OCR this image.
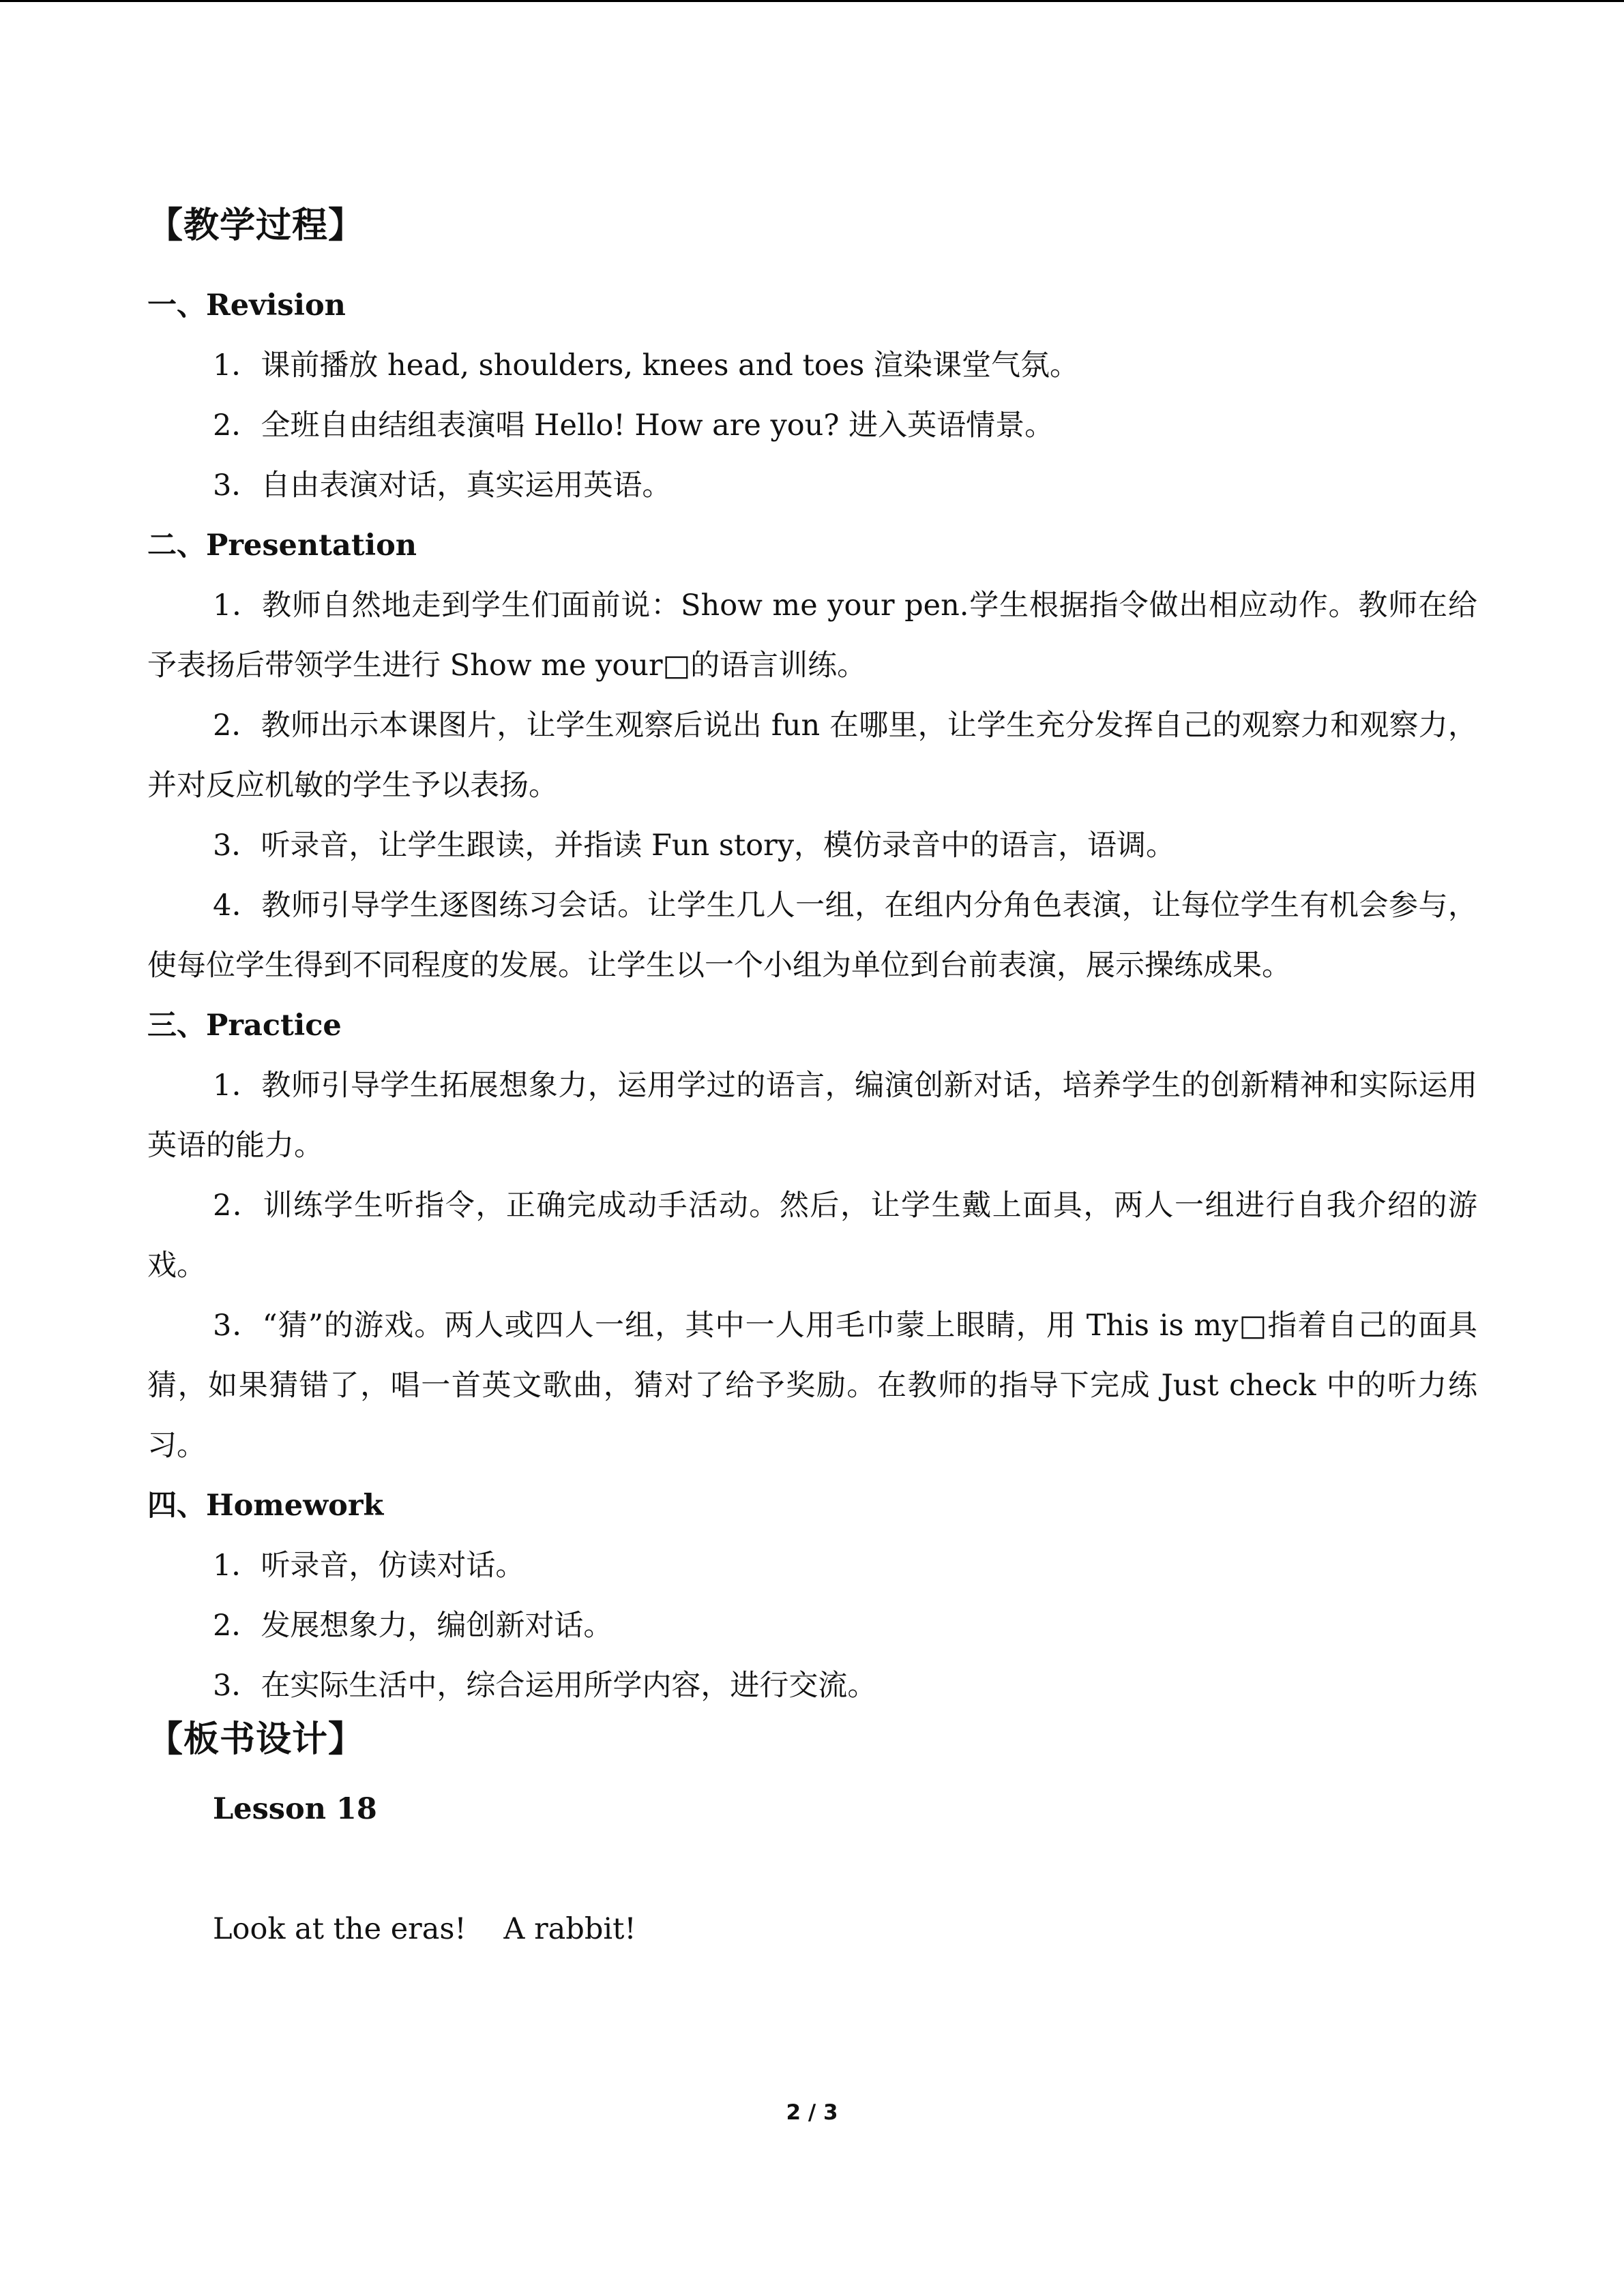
【教学过程】

一、Revision

1．课前播放 head, shoulders, knees and toes 渲染课堂气氛。

2．全班自由结组表演唱 Hello! How are you? 进入英语情景。

3．自由表演对话，真实运用英语。

二、Presentation

1．教师自然地走到学生们面前说：Show me your pen.学生根据指令做出相应动作。教师在给予表扬后带领学生进行 Show me your□的语言训练。

2．教师出示本课图片，让学生观察后说出 fun 在哪里，让学生充分发挥自己的观察力和观察力，并对反应机敏的学生予以表扬。

3．听录音，让学生跟读，并指读 Fun story，模仿录音中的语言，语调。

4．教师引导学生逐图练习会话。让学生几人一组，在组内分角色表演，让每位学生有机会参与，使每位学生得到不同程度的发展。让学生以一个小组为单位到台前表演，展示操练成果。

三、Practice

1．教师引导学生拓展想象力，运用学过的语言，编演创新对话，培养学生的创新精神和实际运用英语的能力。

2．训练学生听指令，正确完成动手活动。然后，让学生戴上面具，两人一组进行自我介绍的游戏。

3．“猜”的游戏。两人或四人一组，其中一人用毛巾蒙上眼睛，用 This is my□指着自己的面具猜，如果猜错了，唱一首英文歌曲，猜对了给予奖励。在教师的指导下完成 Just check 中的听力练习。

四、Homework

1．听录音，仿读对话。

2．发展想象力，编创新对话。

3．在实际生活中，综合运用所学内容，进行交流。

【板书设计】

Lesson 18

Look at the eras!    A rabbit!

2 / 3
